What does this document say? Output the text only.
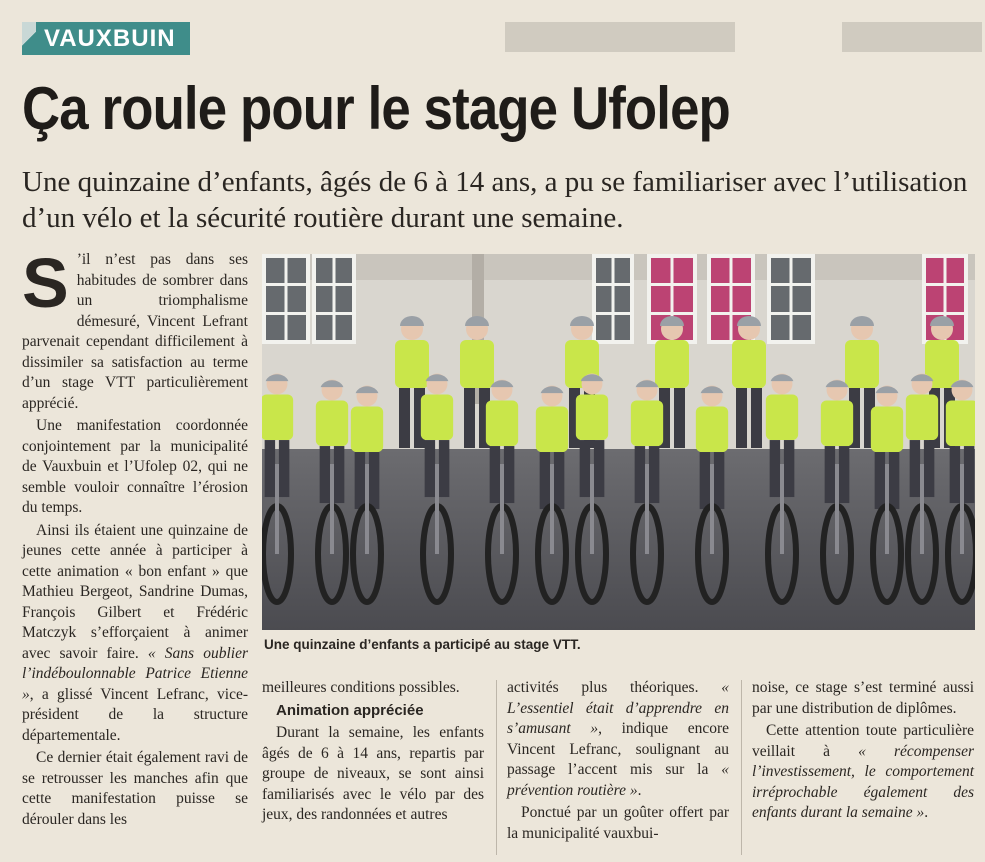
VAUXBUIN
Ça roule pour le stage Ufolep

Une quinzaine d’enfants, âgés de 6 à 14 ans, a pu se familiariser avec l’utilisation d’un vélo et la sécurité routière durant une semaine.

S ’il n’est pas dans ses habitudes de sombrer dans un triomphalisme démesuré, Vincent Lefrant parvenait cependant difficilement à dissimiler sa satisfaction au terme d’un stage VTT particulièrement apprécié.

Une manifestation coordonnée conjointement par la municipalité de Vauxbuin et l’Ufolep 02, qui ne semble vouloir connaître l’érosion du temps.

Ainsi ils étaient une quinzaine de jeunes cette année à participer à cette animation « bon enfant » que Mathieu Bergeot, Sandrine Dumas, François Gilbert et Frédéric Matczyk s’efforçaient à animer avec savoir faire. « Sans oublier l’indéboulonnable Patrice Etienne », a glissé Vincent Lefranc, vice-président de la structure départementale.

Ce dernier était également ravi de se retrousser les manches afin que cette manifestation puisse se dérouler dans les

Une quinzaine d’enfants a participé au stage VTT.

meilleures conditions possibles.

Animation appréciée

Durant la semaine, les enfants âgés de 6 à 14 ans, repartis par groupe de niveaux, se sont ainsi familiarisés avec le vélo par des jeux, des randonnées et autres

activités plus théoriques. « L’essentiel était d’apprendre en s’amusant », indique encore Vincent Lefranc, soulignant au passage l’accent mis sur la « prévention routière ».

Ponctué par un goûter offert par la municipalité vauxbui-

noise, ce stage s’est terminé aussi par une distribution de diplômes.

Cette attention toute particulière veillait à « récompenser l’investissement, le comportement irréprochable également des enfants durant la semaine ».
